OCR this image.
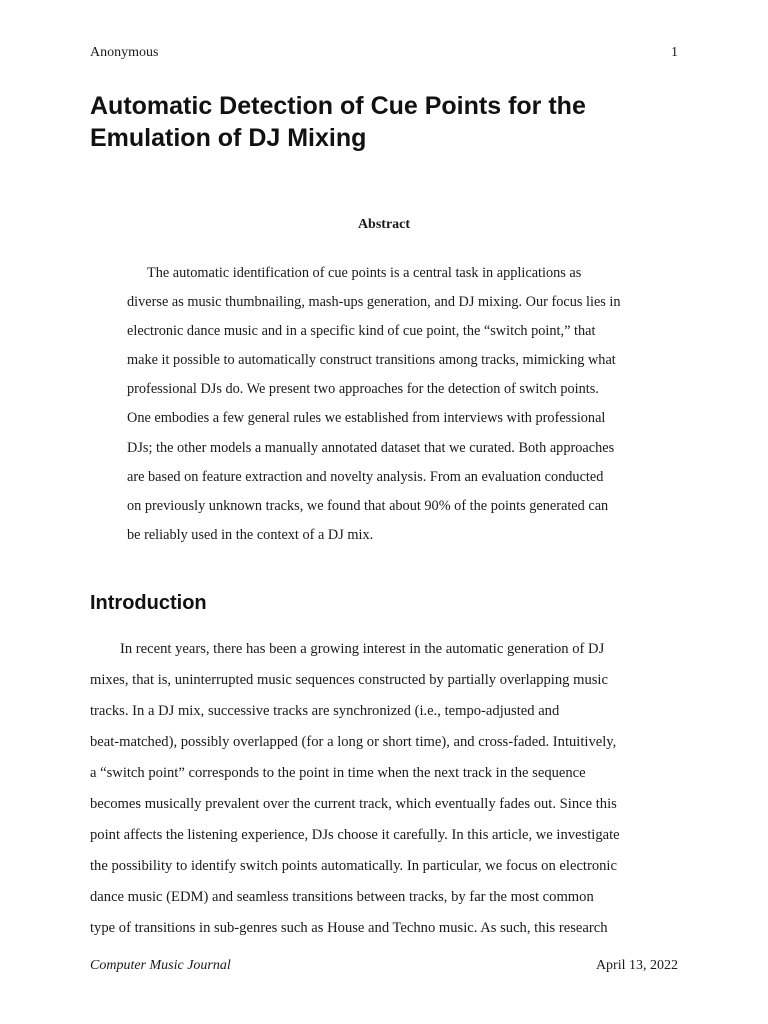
Anonymous	1
Automatic Detection of Cue Points for the
Emulation of DJ Mixing
Abstract
The automatic identification of cue points is a central task in applications as
diverse as music thumbnailing, mash-ups generation, and DJ mixing. Our focus lies in
electronic dance music and in a specific kind of cue point, the “switch point,” that
make it possible to automatically construct transitions among tracks, mimicking what
professional DJs do. We present two approaches for the detection of switch points.
One embodies a few general rules we established from interviews with professional
DJs; the other models a manually annotated dataset that we curated. Both approaches
are based on feature extraction and novelty analysis. From an evaluation conducted
on previously unknown tracks, we found that about 90% of the points generated can
be reliably used in the context of a DJ mix.
Introduction
In recent years, there has been a growing interest in the automatic generation of DJ
mixes, that is, uninterrupted music sequences constructed by partially overlapping music
tracks. In a DJ mix, successive tracks are synchronized (i.e., tempo-adjusted and
beat-matched), possibly overlapped (for a long or short time), and cross-faded. Intuitively,
a “switch point” corresponds to the point in time when the next track in the sequence
becomes musically prevalent over the current track, which eventually fades out. Since this
point affects the listening experience, DJs choose it carefully. In this article, we investigate
the possibility to identify switch points automatically. In particular, we focus on electronic
dance music (EDM) and seamless transitions between tracks, by far the most common
type of transitions in sub-genres such as House and Techno music. As such, this research
Computer Music Journal	April 13, 2022
